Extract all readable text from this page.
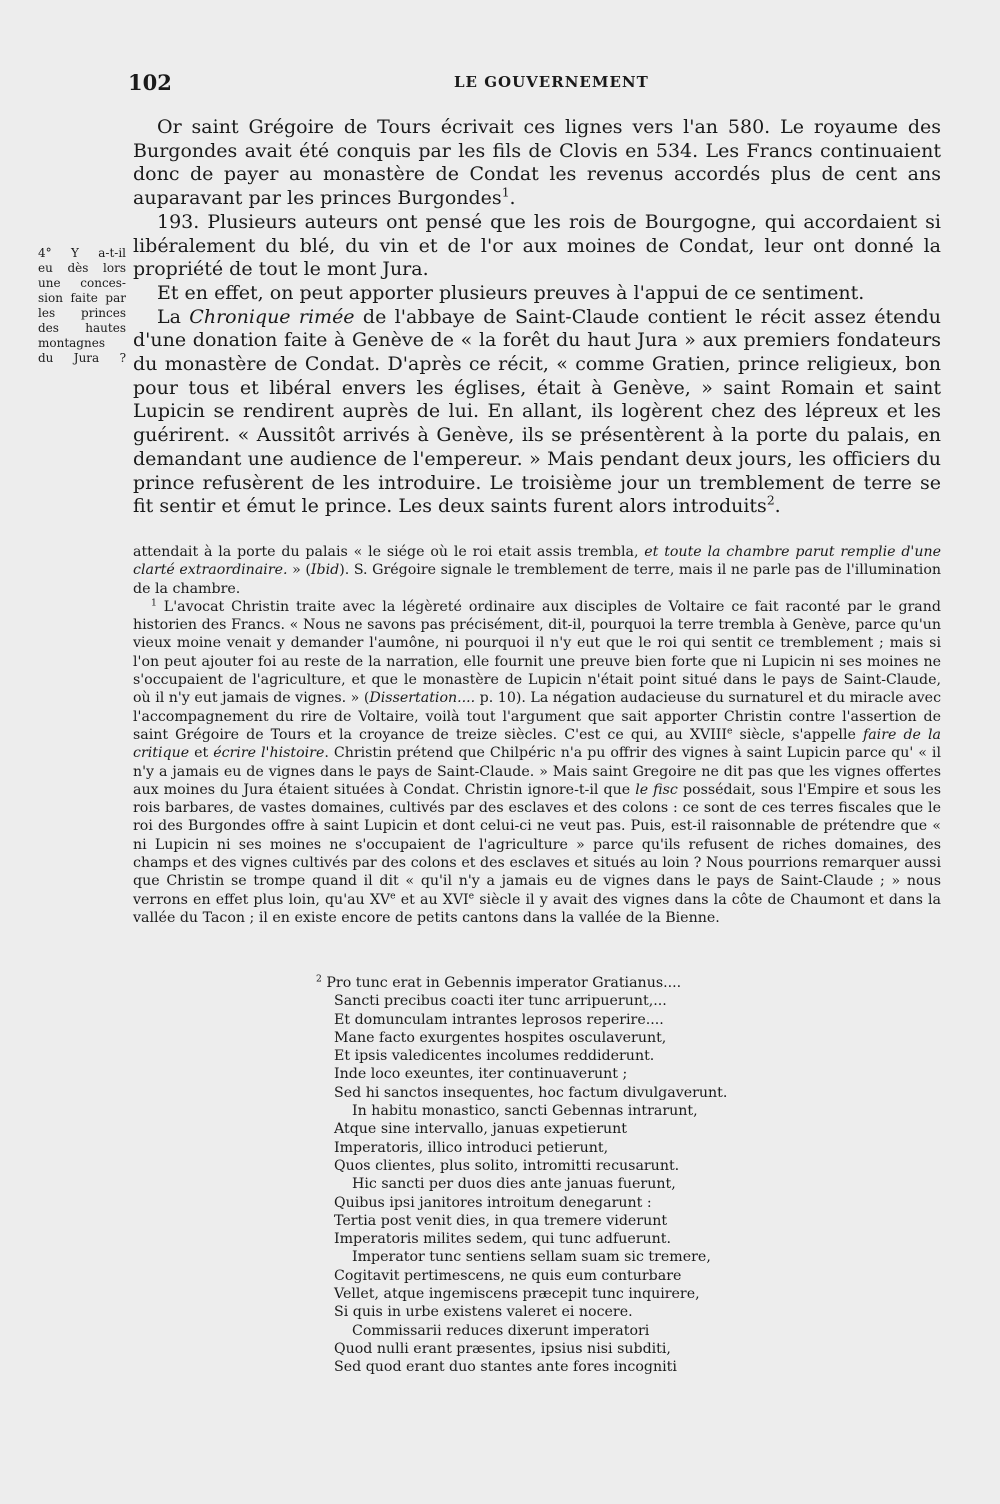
102	LE GOUVERNEMENT
4° Y a-t-il
eu dès lors
une conces-
sion faite par
les princes
des hautes
montagnes
du Jura ?

Or saint Grégoire de Tours écrivait ces lignes vers l'an 580. Le royaume des Burgondes avait été conquis par les fils de Clovis en 534. Les Francs continuaient donc de payer au monastère de Condat les revenus accordés plus de cent ans auparavant par les princes Burgondes$^1$.

193. Plusieurs auteurs ont pensé que les rois de Bourgogne, qui accordaient si libéralement du blé, du vin et de l'or aux moines de Condat, leur ont donné la propriété de tout le mont Jura.

Et en effet, on peut apporter plusieurs preuves à l'appui de ce sentiment.

La Chronique rimée de l'abbaye de Saint-Claude contient le récit assez étendu d'une donation faite à Genève de « la forêt du haut Jura » aux premiers fondateurs du monastère de Condat. D'après ce récit, « comme Gratien, prince religieux, bon pour tous et libéral envers les églises, était à Genève, » saint Romain et saint Lupicin se rendirent auprès de lui. En allant, ils logèrent chez des lépreux et les guérirent. « Aussitôt arrivés à Genève, ils se présentèrent à la porte du palais, en demandant une audience de l'empereur. » Mais pendant deux jours, les officiers du prince refusèrent de les introduire. Le troisième jour un tremblement de terre se fit sentir et émut le prince. Les deux saints furent alors introduits$^2$.

attendait à la porte du palais « le siége où le roi etait assis trembla, et toute la chambre parut remplie d'une clarté extraordinaire. » (Ibid). S. Grégoire signale le tremblement de terre, mais il ne parle pas de l'illumination de la chambre.

$^1$ L'avocat Christin traite avec la légèreté ordinaire aux disciples de Voltaire ce fait raconté par le grand historien des Francs. « Nous ne savons pas précisément, dit-il, pourquoi la terre trembla à Genève, parce qu'un vieux moine venait y demander l'aumône, ni pourquoi il n'y eut que le roi qui sentit ce tremblement ; mais si l'on peut ajouter foi au reste de la narration, elle fournit une preuve bien forte que ni Lupicin ni ses moines ne s'occupaient de l'agriculture, et que le monastère de Lupicin n'était point situé dans le pays de Saint-Claude, où il n'y eut jamais de vignes. » (Dissertation.... p. 10). La négation audacieuse du surnaturel et du miracle avec l'accompagnement du rire de Voltaire, voilà tout l'argument que sait apporter Christin contre l'assertion de saint Grégoire de Tours et la croyance de treize siècles. C'est ce qui, au XVIIIe siècle, s'appelle faire de la critique et écrire l'histoire. Christin prétend que Chilpéric n'a pu offrir des vignes à saint Lupicin parce qu' « il n'y a jamais eu de vignes dans le pays de Saint-Claude. » Mais saint Gregoire ne dit pas que les vignes offertes aux moines du Jura étaient situées à Condat. Christin ignore-t-il que le fisc possédait, sous l'Empire et sous les rois barbares, de vastes domaines, cultivés par des esclaves et des colons : ce sont de ces terres fiscales que le roi des Burgondes offre à saint Lupicin et dont celui-ci ne veut pas. Puis, est-il raisonnable de prétendre que « ni Lupicin ni ses moines ne s'occupaient de l'agriculture » parce qu'ils refusent de riches domaines, des champs et des vignes cultivés par des colons et des esclaves et situés au loin ? Nous pourrions remarquer aussi que Christin se trompe quand il dit « qu'il n'y a jamais eu de vignes dans le pays de Saint-Claude ; » nous verrons en effet plus loin, qu'au XVe et au XVIe siècle il y avait des vignes dans la côte de Chaumont et dans la vallée du Tacon ; il en existe encore de petits cantons dans la vallée de la Bienne.

$^2$ Pro tunc erat in Gebennis imperator Gratianus....
Sancti precibus coacti iter tunc arripuerunt,...
Et domunculam intrantes leprosos reperire....
Mane facto exurgentes hospites osculaverunt,
Et ipsis valedicentes incolumes reddiderunt.
Inde loco exeuntes, iter continuaverunt ;
Sed hi sanctos insequentes, hoc factum divulgaverunt.
In habitu monastico, sancti Gebennas intrarunt,
Atque sine intervallo, januas expetierunt
Imperatoris, illico introduci petierunt,
Quos clientes, plus solito, intromitti recusarunt.
Hic sancti per duos dies ante januas fuerunt,
Quibus ipsi janitores introitum denegarunt :
Tertia post venit dies, in qua tremere viderunt
Imperatoris milites sedem, qui tunc adfuerunt.
Imperator tunc sentiens sellam suam sic tremere,
Cogitavit pertimescens, ne quis eum conturbare
Vellet, atque ingemiscens præcepit tunc inquirere,
Si quis in urbe existens valeret ei nocere.
Commissarii reduces dixerunt imperatori
Quod nulli erant præsentes, ipsius nisi subditi,
Sed quod erant duo stantes ante fores incogniti
